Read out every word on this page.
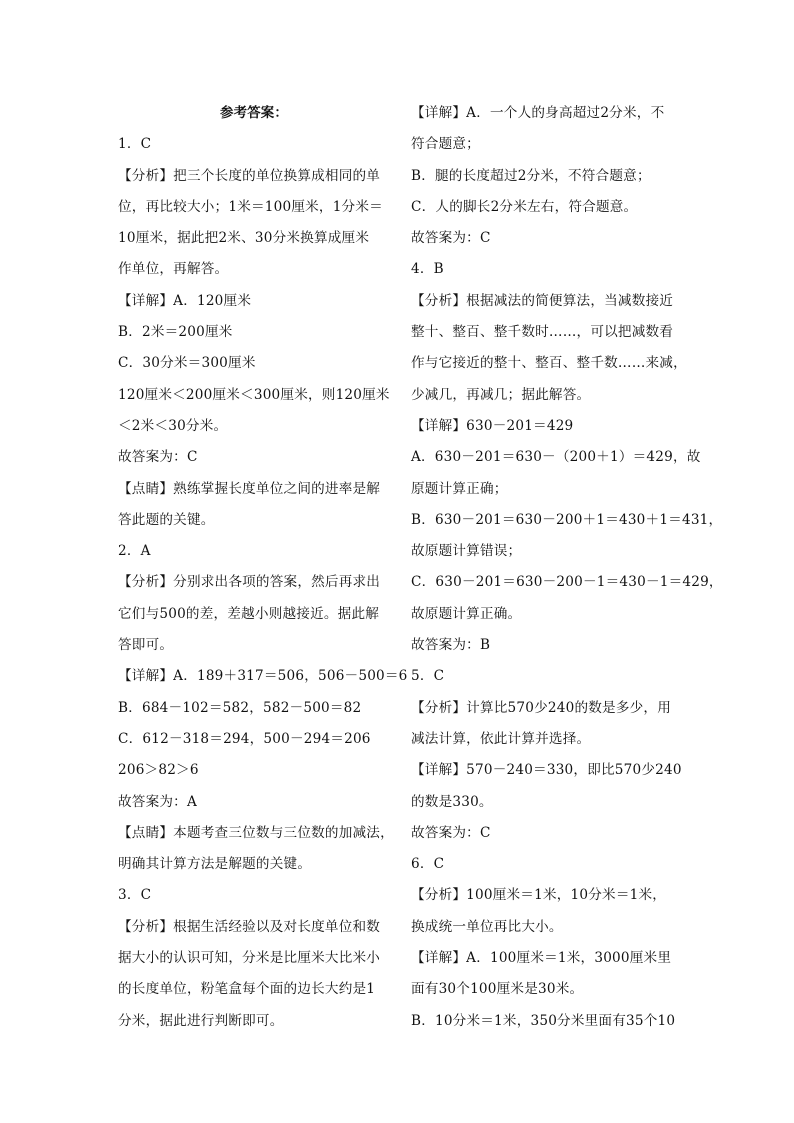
参考答案：
1．C
【分析】把三个长度的单位换算成相同的单
位，再比较大小；1米＝100厘米，1分米＝
10厘米，据此把2米、30分米换算成厘米
作单位，再解答。
【详解】A．120厘米
B．2米＝200厘米
C．30分米＝300厘米
120厘米＜200厘米＜300厘米，则120厘米
＜2米＜30分米。
故答案为：C
【点睛】熟练掌握长度单位之间的进率是解
答此题的关键。
2．A
【分析】分别求出各项的答案，然后再求出
它们与500的差，差越小则越接近。据此解
答即可。
【详解】A．189＋317＝506，506－500＝6
B．684－102＝582，582－500＝82
C．612－318＝294，500－294＝206
206＞82＞6
故答案为：A
【点睛】本题考查三位数与三位数的加减法，
明确其计算方法是解题的关键。
3．C
【分析】根据生活经验以及对长度单位和数
据大小的认识可知，分米是比厘米大比米小
的长度单位，粉笔盒每个面的边长大约是1
分米，据此进行判断即可。
【详解】A．一个人的身高超过2分米，不
符合题意；
B．腿的长度超过2分米，不符合题意；
C．人的脚长2分米左右，符合题意。
故答案为：C
4．B
【分析】根据减法的简便算法，当减数接近
整十、整百、整千数时……，可以把减数看
作与它接近的整十、整百、整千数……来减，
少减几，再减几；据此解答。
【详解】630－201＝429
A．630－201＝630－（200＋1）＝429，故
原题计算正确；
B．630－201＝630－200＋1＝430＋1＝431，
故原题计算错误；
C．630－201＝630－200－1＝430－1＝429，
故原题计算正确。
故答案为：B
5．C
【分析】计算比570少240的数是多少，用
减法计算，依此计算并选择。
【详解】570－240＝330，即比570少240
的数是330。
故答案为：C
6．C
【分析】100厘米＝1米，10分米＝1米，
换成统一单位再比大小。
【详解】A．100厘米＝1米，3000厘米里
面有30个100厘米是30米。
B．10分米＝1米，350分米里面有35个10
